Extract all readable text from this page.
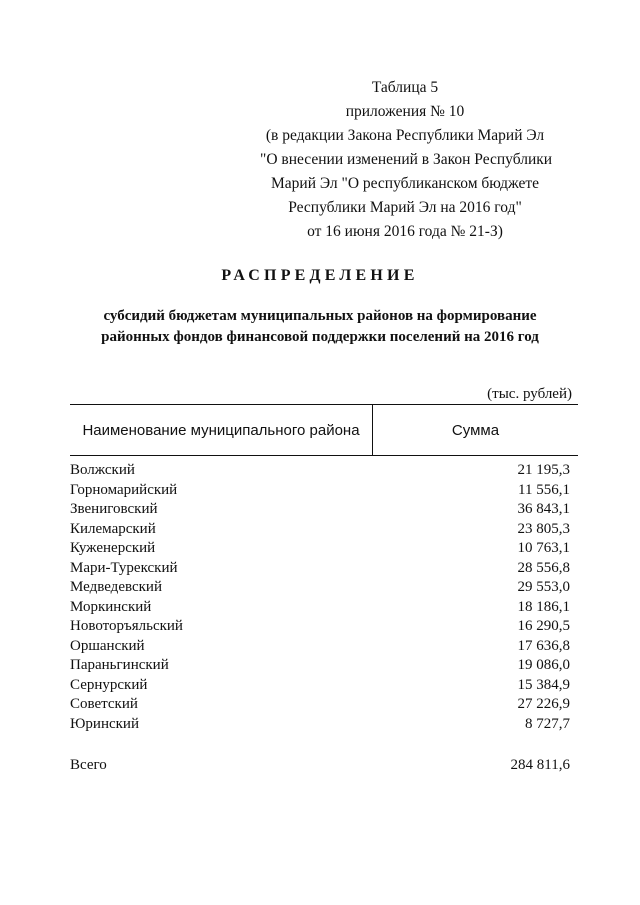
Таблица 5
приложения № 10
(в редакции Закона Республики Марий Эл
"О внесении изменений в Закон Республики
Марий Эл "О республиканском бюджете
Республики Марий Эл на 2016 год"
от 16 июня 2016 года № 21-З)
РАСПРЕДЕЛЕНИЕ
субсидий бюджетам муниципальных районов на формирование
районных фондов финансовой поддержки поселений на 2016 год
(тыс. рублей)
Наименование муниципального района	Сумма
Волжский	21 195,3
Горномарийский	11 556,1
Звениговский	36 843,1
Килемарский	23 805,3
Куженерский	10 763,1
Мари-Турекский	28 556,8
Медведевский	29 553,0
Моркинский	18 186,1
Новоторъяльский	16 290,5
Оршанский	17 636,8
Параньгинский	19 086,0
Сернурский	15 384,9
Советский	27 226,9
Юринский	8 727,7
Всего	284 811,6
